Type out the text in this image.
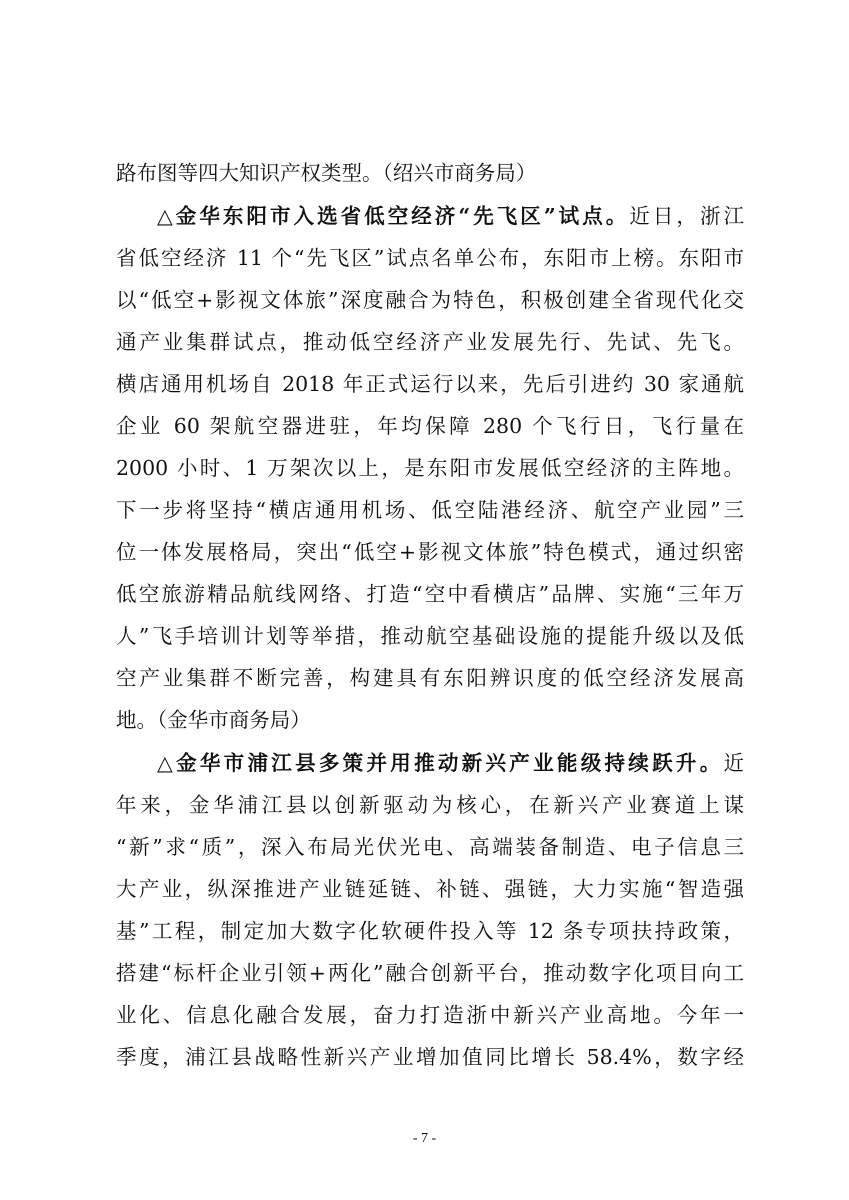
路布图等四大知识产权类型。（绍兴市商务局）
△金华东阳市入选省低空经济“先飞区”试点。近日，浙江
省低空经济 11 个“先飞区”试点名单公布，东阳市上榜。东阳市
以“低空+影视文体旅”深度融合为特色，积极创建全省现代化交
通产业集群试点，推动低空经济产业发展先行、先试、先飞。
横店通用机场自 2018 年正式运行以来，先后引进约 30 家通航
企业 60 架航空器进驻，年均保障 280 个飞行日，飞行量在
2000 小时、1 万架次以上，是东阳市发展低空经济的主阵地。
下一步将坚持“横店通用机场、低空陆港经济、航空产业园”三
位一体发展格局，突出“低空+影视文体旅”特色模式，通过织密
低空旅游精品航线网络、打造“空中看横店”品牌、实施“三年万
人”飞手培训计划等举措，推动航空基础设施的提能升级以及低
空产业集群不断完善，构建具有东阳辨识度的低空经济发展高
地。（金华市商务局）
△金华市浦江县多策并用推动新兴产业能级持续跃升。近
年来，金华浦江县以创新驱动为核心，在新兴产业赛道上谋
“新”求“质”，深入布局光伏光电、高端装备制造、电子信息三
大产业，纵深推进产业链延链、补链、强链，大力实施“智造强
基”工程，制定加大数字化软硬件投入等 12 条专项扶持政策，
搭建“标杆企业引领+两化”融合创新平台，推动数字化项目向工
业化、信息化融合发展，奋力打造浙中新兴产业高地。今年一
季度，浦江县战略性新兴产业增加值同比增长 58.4%，数字经
- 7 -
